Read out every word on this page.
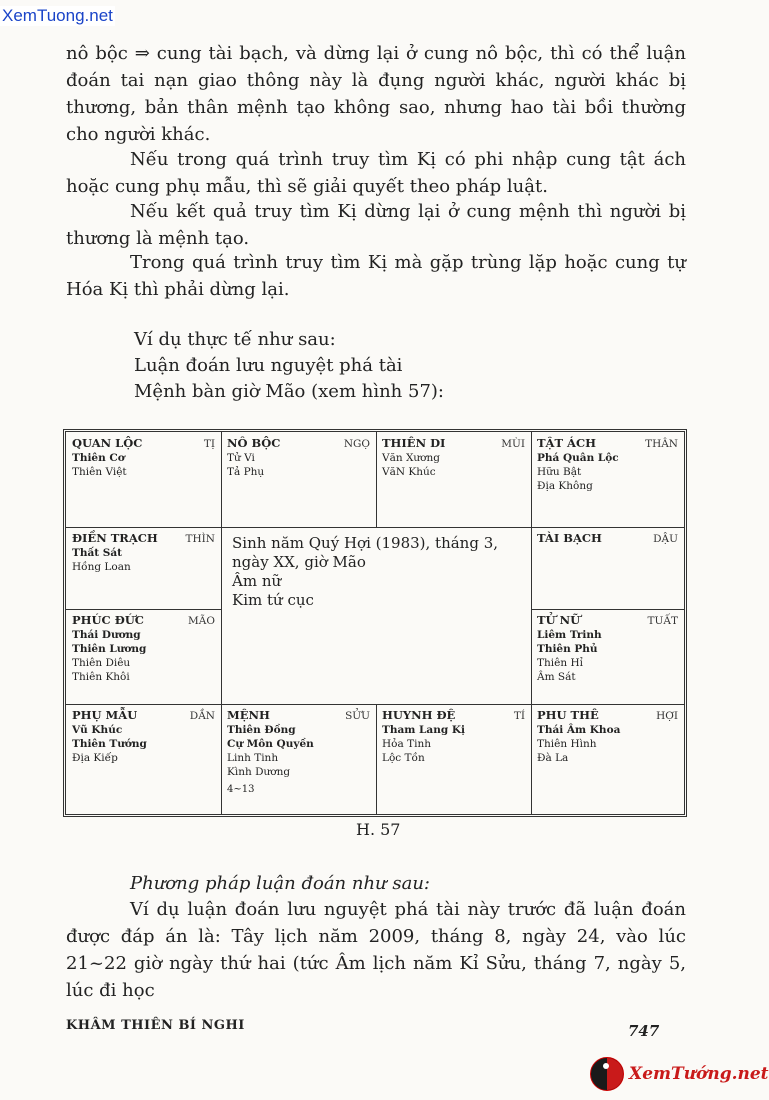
XemTuong.net

nô bộc ⇒ cung tài bạch, và dừng lại ở cung nô bộc, thì có thể luận đoán tai nạn giao thông này là đụng người khác, người khác bị thương, bản thân mệnh tạo không sao, nhưng hao tài bồi thường cho người khác.

Nếu trong quá trình truy tìm Kị có phi nhập cung tật ách hoặc cung phụ mẫu, thì sẽ giải quyết theo pháp luật.

Nếu kết quả truy tìm Kị dừng lại ở cung mệnh thì người bị thương là mệnh tạo.

Trong quá trình truy tìm Kị mà gặp trùng lặp hoặc cung tự Hóa Kị thì phải dừng lại.

Ví dụ thực tế như sau:
Luận đoán lưu nguyệt phá tài
Mệnh bàn giờ Mão (xem hình 57):
QUAN LỘC	TỊ
Thiên Cơ
Thiên Việt
NÔ BỘC	NGỌ
Tử Vi
Tả Phụ
THIÊN DI	MÙI
Văn Xương
VăN Khúc
TẬT ÁCH	THÂN
Phá Quân Lộc
Hữu Bật
Địa Không
ĐIỀN TRẠCH	THÌN
Thất Sát
Hồng Loan
TÀI BẠCH	DẬU
Sinh năm Quý Hợi (1983), tháng 3, ngày XX, giờ Mão
Âm nữ
Kim tứ cục
PHÚC ĐỨC	MÃO
Thái Dương
Thiên Lương
Thiên Diêu
Thiên Khôi
TỬ NỮ	TUẤT
Liêm Trinh
Thiên Phủ
Thiên Hỉ
Âm Sát
PHỤ MẪU	DẦN
Vũ Khúc
Thiên Tướng
Địa Kiếp
MỆNH	SỬU
Thiên Đồng
Cự Môn Quyền
Linh Tinh
Kình Dương
4~13
HUYNH ĐỆ	TÍ
Tham Lang Kị
Hỏa Tinh
Lộc Tồn
PHU THÊ	HỢI
Thái Âm Khoa
Thiên Hình
Đà La
H. 57

Phương pháp luận đoán như sau:

Ví dụ luận đoán lưu nguyệt phá tài này trước đã luận đoán được đáp án là: Tây lịch năm 2009, tháng 8, ngày 24, vào lúc 21~22 giờ ngày thứ hai (tức Âm lịch năm Kỉ Sửu, tháng 7, ngày 5, lúc đi học

KHÂM THIÊN BÍ NGHI	747
XemTướng.net
